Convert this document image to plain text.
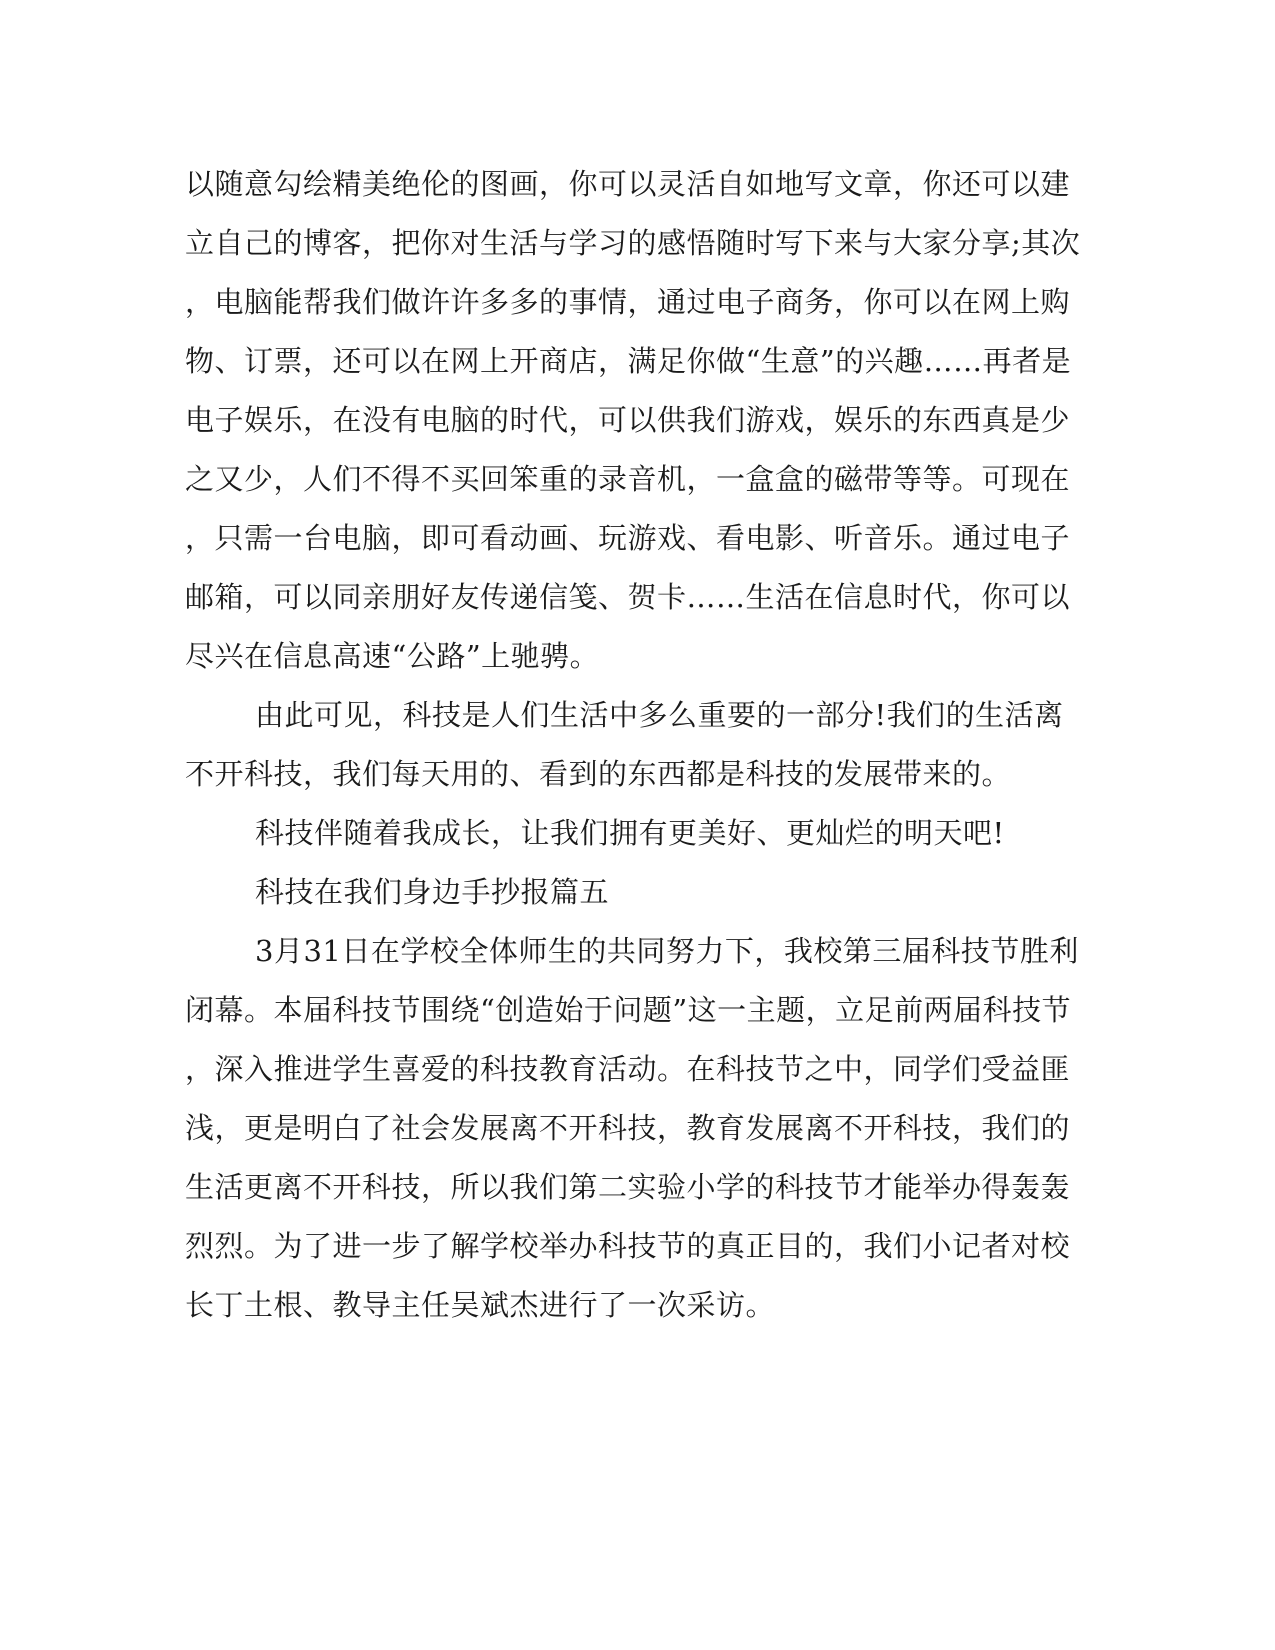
以随意勾绘精美绝伦的图画，你可以灵活自如地写文章，你还可以建
立自己的博客，把你对生活与学习的感悟随时写下来与大家分享;其次
，电脑能帮我们做许许多多的事情，通过电子商务，你可以在网上购
物、订票，还可以在网上开商店，满足你做“生意”的兴趣……再者是
电子娱乐，在没有电脑的时代，可以供我们游戏，娱乐的东西真是少
之又少，人们不得不买回笨重的录音机，一盒盒的磁带等等。可现在
，只需一台电脑，即可看动画、玩游戏、看电影、听音乐。通过电子
邮箱，可以同亲朋好友传递信笺、贺卡……生活在信息时代，你可以
尽兴在信息高速“公路”上驰骋。
由此可见，科技是人们生活中多么重要的一部分!我们的生活离
不开科技，我们每天用的、看到的东西都是科技的发展带来的。
科技伴随着我成长，让我们拥有更美好、更灿烂的明天吧!
科技在我们身边手抄报篇五
3月31日在学校全体师生的共同努力下，我校第三届科技节胜利
闭幕。本届科技节围绕“创造始于问题”这一主题，立足前两届科技节
，深入推进学生喜爱的科技教育活动。在科技节之中，同学们受益匪
浅，更是明白了社会发展离不开科技，教育发展离不开科技，我们的
生活更离不开科技，所以我们第二实验小学的科技节才能举办得轰轰
烈烈。为了进一步了解学校举办科技节的真正目的，我们小记者对校
长丁土根、教导主任吴斌杰进行了一次采访。
